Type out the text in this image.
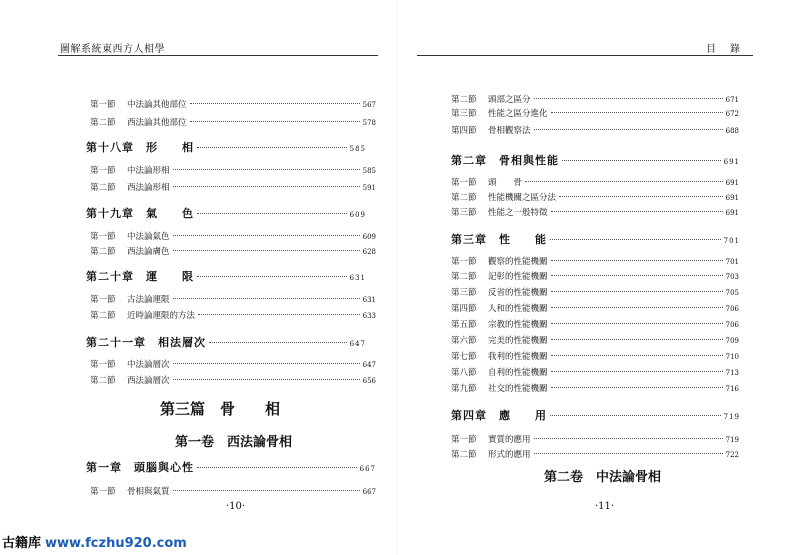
圖解系統東西方人相學
第一節 中法論其他部位	567
第二節 西法論其他部位	578
第十八章　形　　相	585
第一節 中法論形相	585
第二節 西法論形相	591
第十九章　氣　　色	609
第一節 中法論氣色	609
第二節 西法論膚色	628
第二十章　運　　限	631
第一節 古法論運限	631
第二節 近時論運限的方法	633
第二十一章　相法層次	647
第一節 中法論層次	647
第二節 西法論層次	656
第三篇　骨　　相
第一卷　西法論骨相
第一章　頭腦與心性	667
第一節 骨相與氣質	667
·10·
目錄
第二節 頭部之區分	671
第三節 性能之區分進化	672
第四節 骨相觀察法	688
第二章　骨相與性能	691
第一節 頭　　骨	691
第二節 性能機關之區分法	691
第三節 性能之一般特徵	691
第三章　性　　能	701
第一節 觀察的性能機關	701
第二節 記彰的性能機關	703
第三節 反省的性能機關	705
第四節 人和的性能機關	706
第五節 宗教的性能機關	706
第六節 完美的性能機關	709
第七節 我利的性能機關	710
第八節 自利的性能機關	713
第九節 社交的性能機關	716
第四章　應　　用	719
第一節 實質的應用	719
第二節 形式的應用	722
第二卷　中法論骨相
·11·
古籍库 www.fczhu920.com
